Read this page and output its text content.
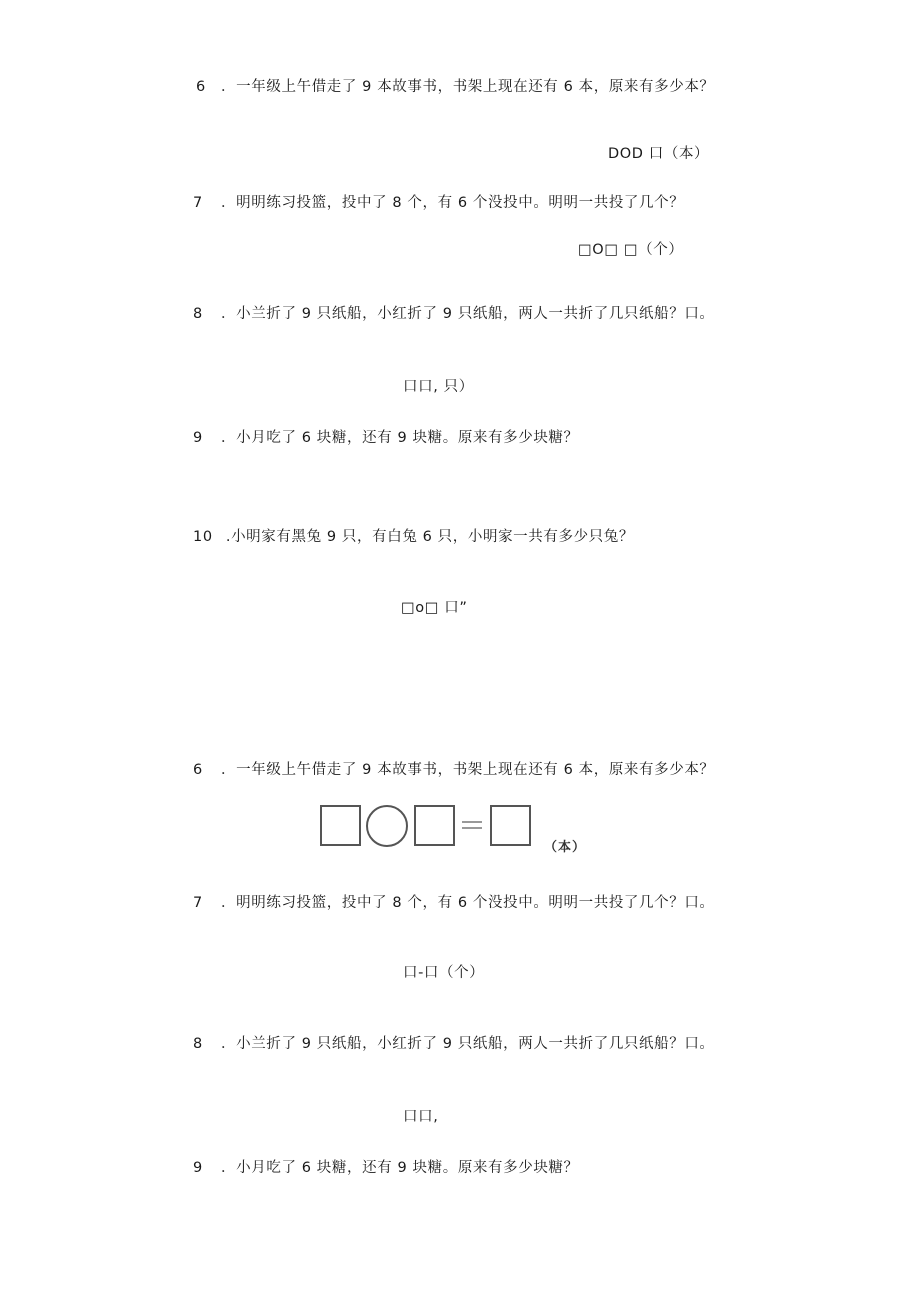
6 ．一年级上午借走了 9 本故事书，书架上现在还有 6 本，原来有多少本？
DOD 口（本）
7 ．明明练习投篮，投中了 8 个，有 6 个没投中。明明一共投了几个？
□O□ □（个）
8 ．小兰折了 9 只纸船，小红折了 9 只纸船，两人一共折了几只纸船？口。
口口, 只）
9 ．小月吃了 6 块糖，还有 9 块糖。原来有多少块糖？
10 .小明家有黑兔 9 只，有白兔 6 只，小明家一共有多少只兔？
□o□ 口”
6 ．一年级上午借走了 9 本故事书，书架上现在还有 6 本，原来有多少本？
（本）
7 ．明明练习投篮，投中了 8 个，有 6 个没投中。明明一共投了几个？口。
口-口（个）
8 ．小兰折了 9 只纸船，小红折了 9 只纸船，两人一共折了几只纸船？口。
口口,
9 ．小月吃了 6 块糖，还有 9 块糖。原来有多少块糖？
